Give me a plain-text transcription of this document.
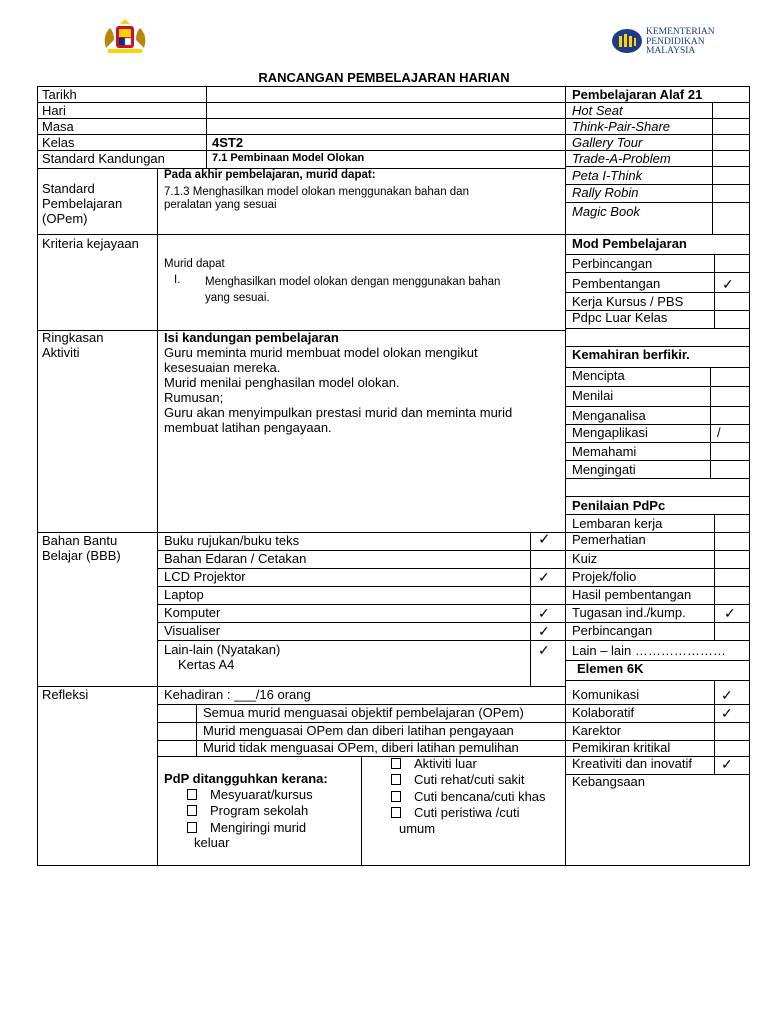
KEMENTERIAN
PENDIDIKAN
MALAYSIA
RANCANGAN PEMBELAJARAN HARIAN
Tarikh
Hari
Masa
Kelas	4ST2
Standard Kandungan	7.1 Pembinaan Model Olokan
Standard
Pembelajaran
(OPem)
Pada akhir pembelajaran, murid dapat:
7.1.3 Menghasilkan model olokan menggunakan bahan dan
peralatan yang sesuai
Kriteria kejayaan
Murid dapat
I. Menghasilkan model olokan dengan menggunakan bahan
yang sesuai.
Ringkasan
Aktiviti
Isi kandungan pembelajaran
Guru meminta murid membuat model olokan mengikut
kesesuaian mereka.
Murid menilai penghasilan model olokan.
Rumusan;
Guru akan menyimpulkan prestasi murid dan meminta murid
membuat latihan pengayaan.
Bahan Bantu
Belajar (BBB)
Buku rujukan/buku teks	✓
Bahan Edaran / Cetakan
LCD Projektor	✓
Laptop
Komputer	✓
Visualiser	✓
Lain-lain (Nyatakan)	✓
Kertas A4
Refleksi	Kehadiran : ___/16 orang
Semua murid menguasai objektif pembelajaran (OPem)
Murid menguasai OPem dan diberi latihan pengayaan
Murid tidak menguasai OPem, diberi latihan pemulihan
PdP ditangguhkan kerana:
Mesyuarat/kursus
Program sekolah
Mengiringi murid
keluar
Aktiviti luar
Cuti rehat/cuti sakit
Cuti bencana/cuti khas
Cuti peristiwa /cuti
umum
Pembelajaran Alaf 21
Hot Seat
Think-Pair-Share
Gallery Tour
Trade-A-Problem
Peta I-Think
Rally Robin
Magic Book
Mod Pembelajaran
Perbincangan
Pembentangan	✓
Kerja Kursus / PBS
Pdpc Luar Kelas
Kemahiran berfikir.
Mencipta
Menilai
Menganalisa
Mengaplikasi	/
Memahami
Mengingati
Penilaian PdPc
Lembaran kerja
Pemerhatian
Kuiz
Projek/folio
Hasil pembentangan
Tugasan ind./kump.	✓
Perbincangan
Lain – lain …………………
Elemen 6K
Komunikasi	✓
Kolaboratif	✓
Karektor
Pemikiran kritikal
Kreativiti dan inovatif ✓
Kebangsaan
